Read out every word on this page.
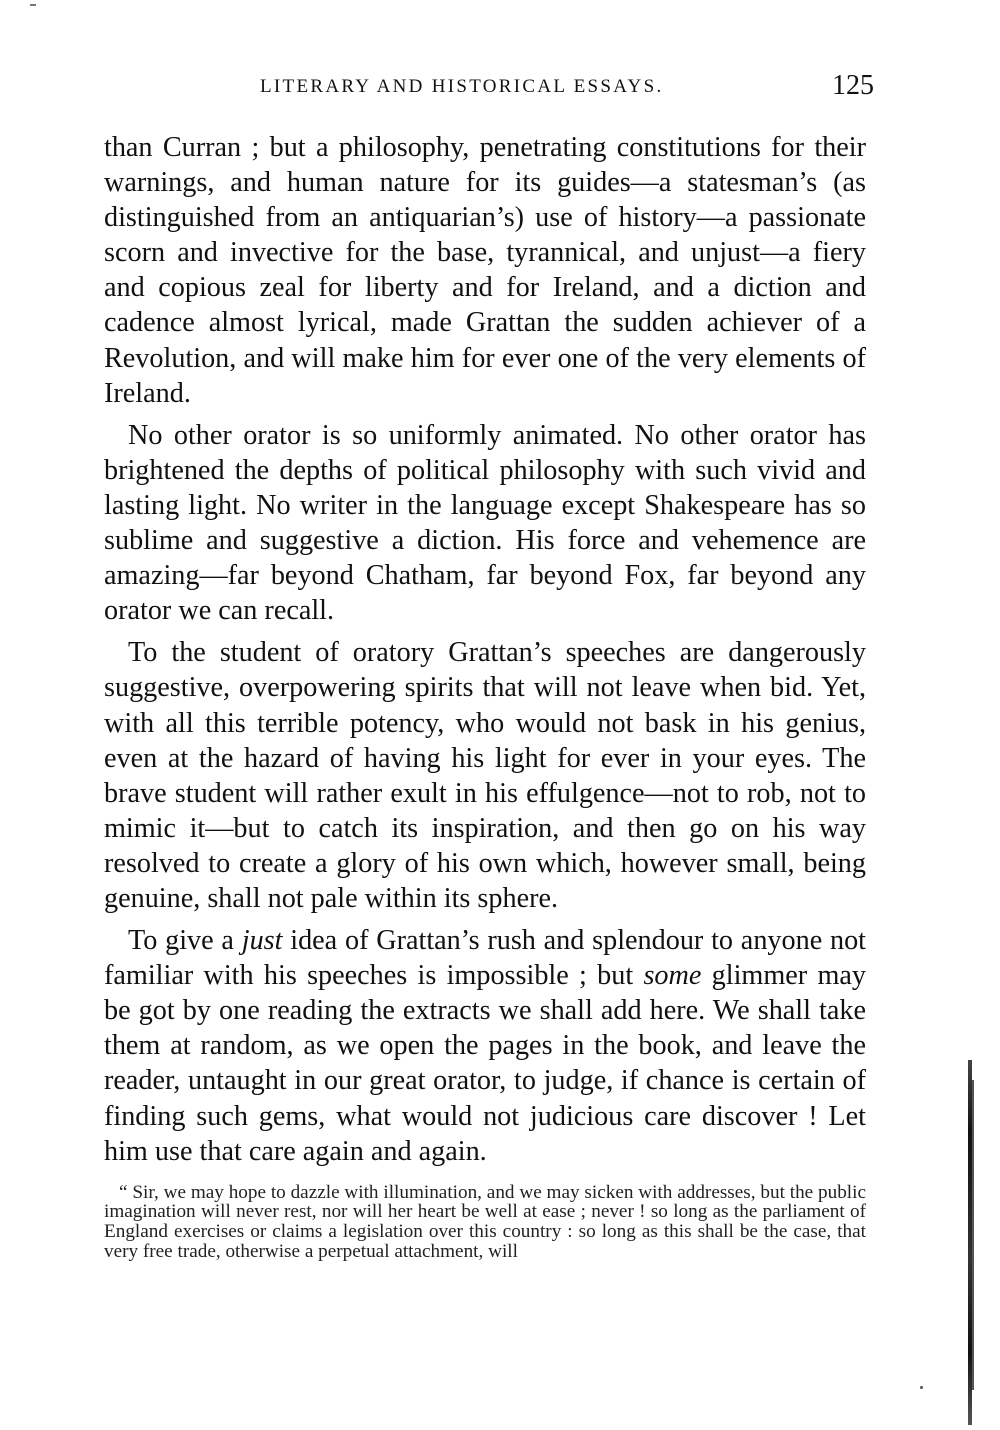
LITERARY AND HISTORICAL ESSAYS.	125

than Curran ; but a philosophy, penetrating constitutions for their warnings, and human nature for its guides—a statesman’s (as distinguished from an antiquarian’s) use of history—a passionate scorn and invective for the base, tyrannical, and unjust—a fiery and copious zeal for liberty and for Ireland, and a diction and cadence almost lyrical, made Grattan the sudden achiever of a Revolution, and will make him for ever one of the very elements of Ireland.

No other orator is so uniformly animated. No other orator has brightened the depths of political philosophy with such vivid and lasting light. No writer in the language except Shakespeare has so sublime and suggestive a diction. His force and vehemence are amazing—far beyond Chatham, far beyond Fox, far beyond any orator we can recall.

To the student of oratory Grattan’s speeches are dangerously suggestive, overpowering spirits that will not leave when bid. Yet, with all this terrible potency, who would not bask in his genius, even at the hazard of having his light for ever in your eyes. The brave student will rather exult in his effulgence—not to rob, not to mimic it—but to catch its inspiration, and then go on his way resolved to create a glory of his own which, however small, being genuine, shall not pale within its sphere.

To give a just idea of Grattan’s rush and splendour to anyone not familiar with his speeches is impossible ; but some glimmer may be got by one reading the extracts we shall add here. We shall take them at random, as we open the pages in the book, and leave the reader, untaught in our great orator, to judge, if chance is certain of finding such gems, what would not judicious care discover ! Let him use that care again and again.

“ Sir, we may hope to dazzle with illumination, and we may sicken with addresses, but the public imagination will never rest, nor will her heart be well at ease ; never ! so long as the parliament of England exercises or claims a legislation over this country : so long as this shall be the case, that very free trade, otherwise a perpetual attachment, will
